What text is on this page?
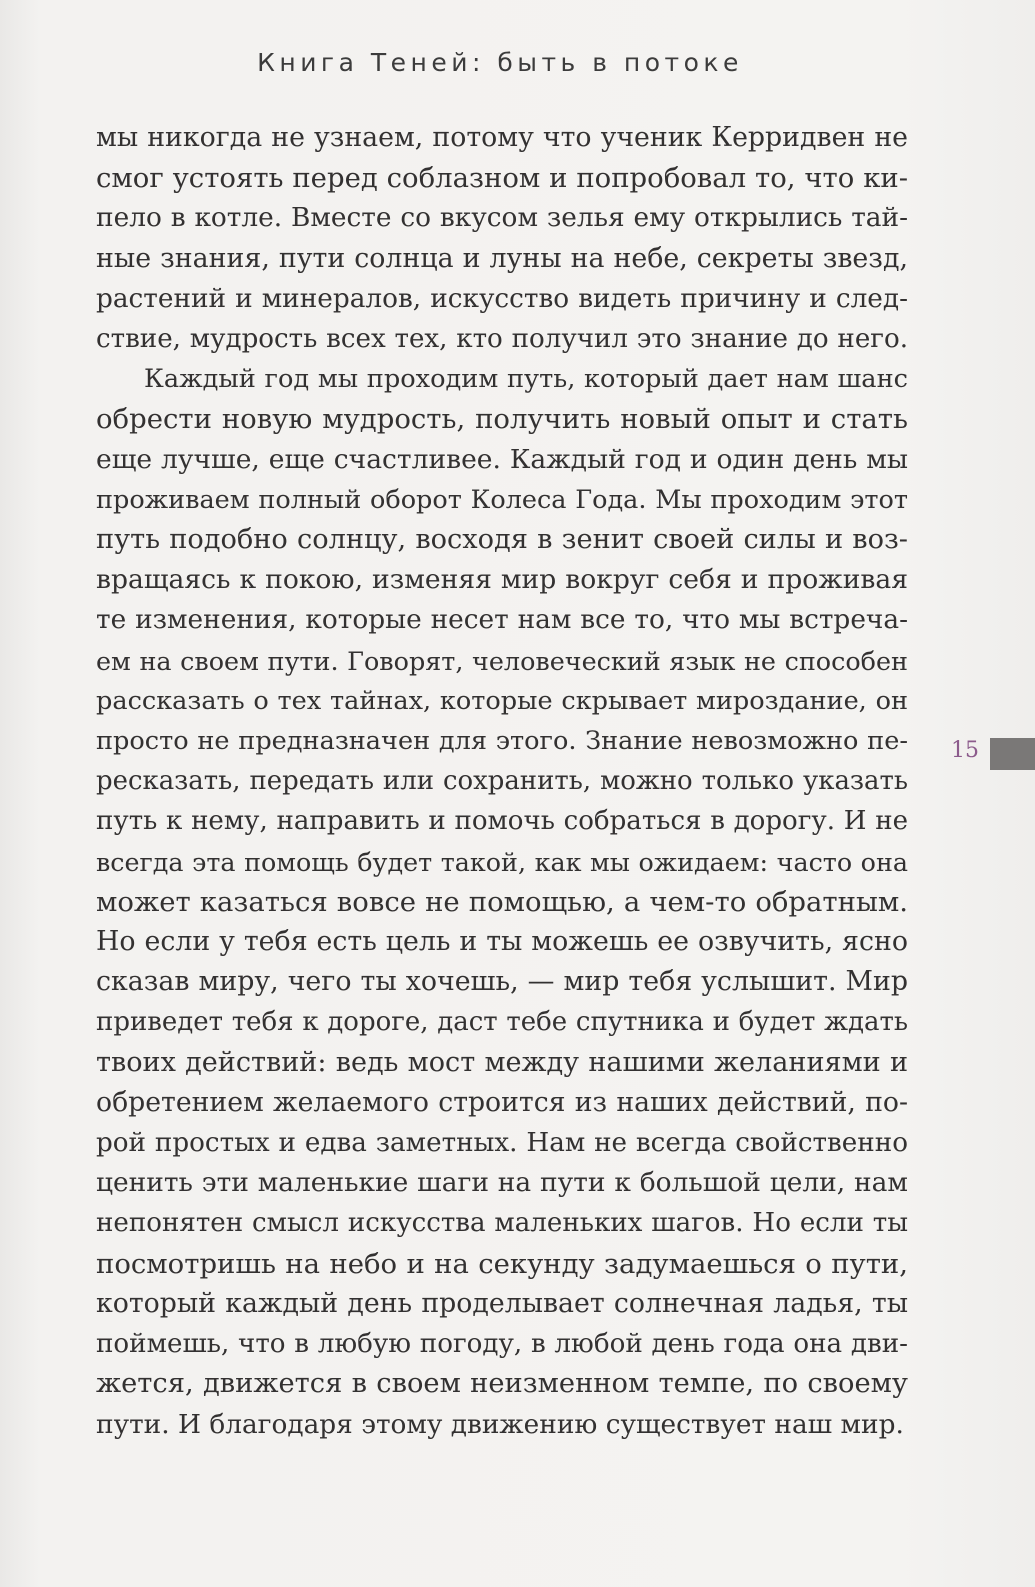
Книга Теней: быть в потоке
мы никогда не узнаем, потому что ученик Керридвен не
смог устоять перед соблазном и попробовал то, что ки-
пело в котле. Вместе со вкусом зелья ему открылись тай-
ные знания, пути солнца и луны на небе, секреты звезд,
растений и минералов, искусство видеть причину и след-
ствие, мудрость всех тех, кто получил это знание до него.
Каждый год мы проходим путь, который дает нам шанс
обрести новую мудрость, получить новый опыт и стать
еще лучше, еще счастливее. Каждый год и один день мы
проживаем полный оборот Колеса Года. Мы проходим этот
путь подобно солнцу, восходя в зенит своей силы и воз-
вращаясь к покою, изменяя мир вокруг себя и проживая
те изменения, которые несет нам все то, что мы встреча-
ем на своем пути. Говорят, человеческий язык не способен
рассказать о тех тайнах, которые скрывает мироздание, он
просто не предназначен для этого. Знание невозможно пе-
ресказать, передать или сохранить, можно только указать
путь к нему, направить и помочь собраться в дорогу. И не
всегда эта помощь будет такой, как мы ожидаем: часто она
может казаться вовсе не помощью, а чем-то обратным.
Но если у тебя есть цель и ты можешь ее озвучить, ясно
сказав миру, чего ты хочешь, — мир тебя услышит. Мир
приведет тебя к дороге, даст тебе спутника и будет ждать
твоих действий: ведь мост между нашими желаниями и
обретением желаемого строится из наших действий, по-
рой простых и едва заметных. Нам не всегда свойственно
ценить эти маленькие шаги на пути к большой цели, нам
непонятен смысл искусства маленьких шагов. Но если ты
посмотришь на небо и на секунду задумаешься о пути,
который каждый день проделывает солнечная ладья, ты
поймешь, что в любую погоду, в любой день года она дви-
жется, движется в своем неизменном темпе, по своему
пути. И благодаря этому движению существует наш мир.
15
